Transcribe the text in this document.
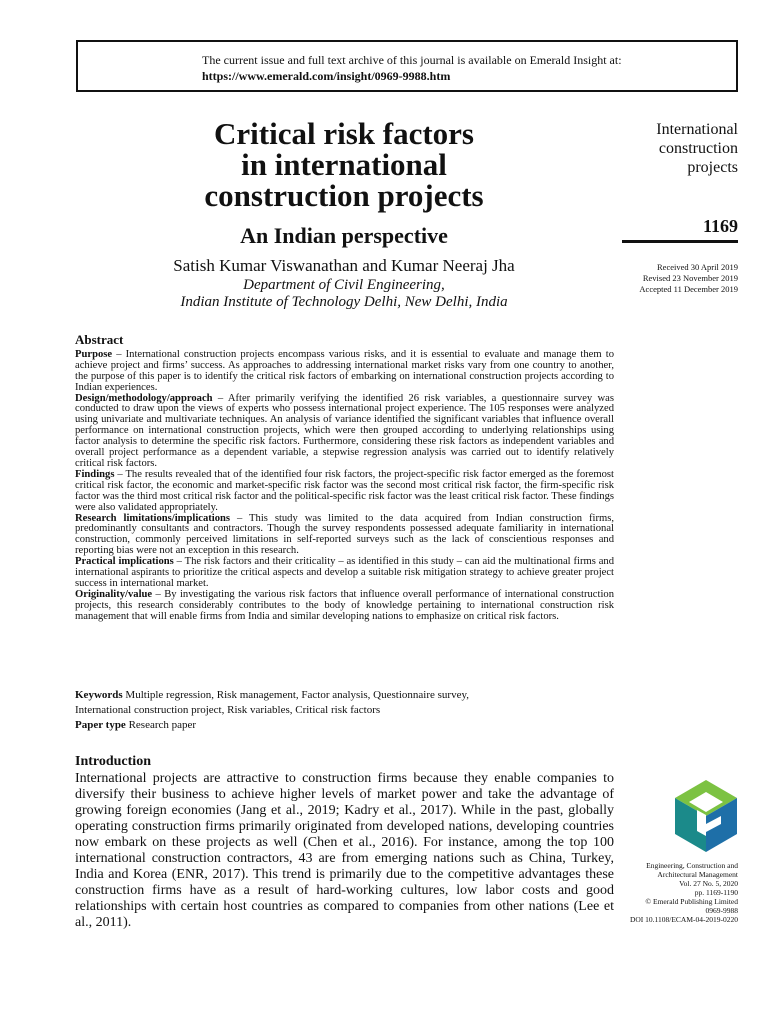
The current issue and full text archive of this journal is available on Emerald Insight at:
https://www.emerald.com/insight/0969-9988.htm
Critical risk factors
in international
construction projects
An Indian perspective
Satish Kumar Viswanathan and Kumar Neeraj Jha
Department of Civil Engineering,
Indian Institute of Technology Delhi, New Delhi, India
International
construction
projects
1169
Received 30 April 2019
Revised 23 November 2019
Accepted 11 December 2019
Abstract

Purpose – International construction projects encompass various risks, and it is essential to evaluate and manage them to achieve project and firms’ success. As approaches to addressing international market risks vary from one country to another, the purpose of this paper is to identify the critical risk factors of embarking on international construction projects according to Indian experiences.

Design/methodology/approach – After primarily verifying the identified 26 risk variables, a questionnaire survey was conducted to draw upon the views of experts who possess international project experience. The 105 responses were analyzed using univariate and multivariate techniques. An analysis of variance identified the significant variables that influence overall performance on international construction projects, which were then grouped according to underlying relationships using factor analysis to determine the specific risk factors. Furthermore, considering these risk factors as independent variables and overall project performance as a dependent variable, a stepwise regression analysis was carried out to identify relatively critical risk factors.

Findings – The results revealed that of the identified four risk factors, the project-specific risk factor emerged as the foremost critical risk factor, the economic and market-specific risk factor was the second most critical risk factor, the firm-specific risk factor was the third most critical risk factor and the political-specific risk factor was the least critical risk factor. These findings were also validated appropriately.

Research limitations/implications – This study was limited to the data acquired from Indian construction firms, predominantly consultants and contractors. Though the survey respondents possessed adequate familiarity in international construction, commonly perceived limitations in self-reported surveys such as the lack of conscientious responses and reporting bias were not an exception in this research.

Practical implications – The risk factors and their criticality – as identified in this study – can aid the multinational firms and international aspirants to prioritize the critical aspects and develop a suitable risk mitigation strategy to achieve greater project success in international market.

Originality/value – By investigating the various risk factors that influence overall performance of international construction projects, this research considerably contributes to the body of knowledge pertaining to international construction risk management that will enable firms from India and similar developing nations to emphasize on critical risk factors.

Keywords Multiple regression, Risk management, Factor analysis, Questionnaire survey,
International construction project, Risk variables, Critical risk factors
Paper type Research paper
Introduction

International projects are attractive to construction firms because they enable companies to diversify their business to achieve higher levels of market power and take the advantage of growing foreign economies (Jang et al., 2019; Kadry et al., 2017). While in the past, globally operating construction firms primarily originated from developed nations, developing countries now embark on these projects as well (Chen et al., 2016). For instance, among the top 100 international construction contractors, 43 are from emerging nations such as China, Turkey, India and Korea (ENR, 2017). This trend is primarily due to the competitive advantages these construction firms have as a result of hard-working cultures, low labor costs and good relationships with certain host countries as compared to companies from other nations (Lee et al., 2011).

Engineering, Construction and
Architectural Management
Vol. 27 No. 5, 2020
pp. 1169-1190
© Emerald Publishing Limited
0969-9988
DOI 10.1108/ECAM-04-2019-0220
